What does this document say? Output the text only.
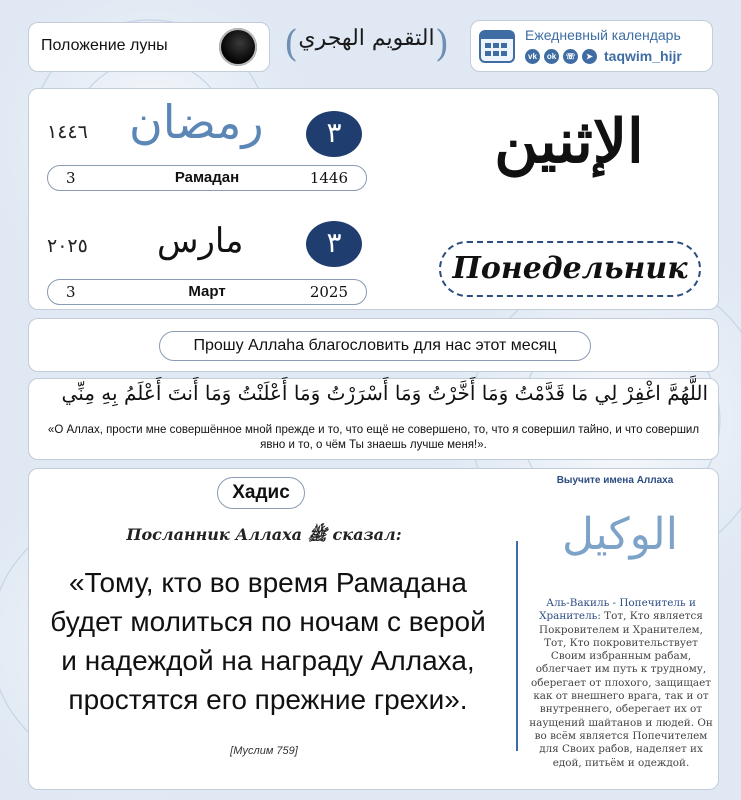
Положение луны	( التقويم الهجري )	Ежедневный календарь
vk	ok	☏	➤ taqwim_hijr
١٤٤٦ رمضان	٣
3	Рамадан	1446
٢٠٢٥ مارس	٣
3	Март	2025
الإثنين
Понедельник
Прошу Аллаhа благословить для нас этот месяц
اللَّهُمَّ اغْفِرْ لِي مَا قَدَّمْتُ وَمَا أَخَّرْتُ وَمَا أَسْرَرْتُ وَمَا أَعْلَنْتُ وَمَا أَنتَ أَعْلَمُ بِهِ مِنِّي
«О Аллах, прости мне совершённое мной прежде и то, что ещё не совершено, то, что я совершил тайно, и что совершил явно и то, о чём Ты знаешь лучше меня!».
Хадис
Посланник Аллаха ﷺ сказал:
«Тому, кто во время Рамадана будет молиться по ночам с верой и надеждой на награду Аллаха, простятся его прежние грехи».
[Муслим 759]
Выучите имена Аллаха
الوكيل
Аль-Вакиль - Попечитель и Хранитель: Тот, Кто является Покровителем и Хранителем, Тот, Кто покровительствует Своим избранным рабам, облегчает им путь к трудному, оберегает от плохого, защищает как от внешнего врага, так и от внутреннего, оберегает их от наущений шайтанов и людей. Он во всём является Попечителем для Своих рабов, наделяет их едой, питьём и одеждой.
